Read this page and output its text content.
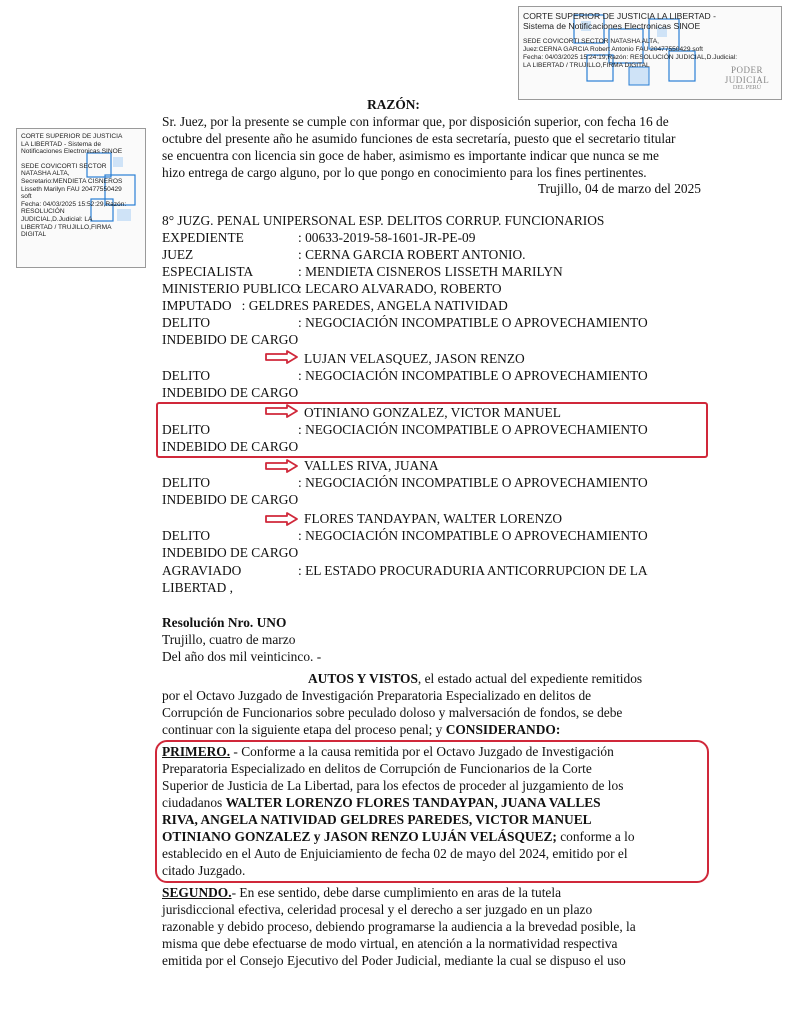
CORTE SUPERIOR DE JUSTICIA LA LIBERTAD -
Sistema de Notificaciones Electronicas SINOE
SEDE COVICORTI SECTOR NATASHA ALTA,
Juez:CERNA GARCIA Robert Antonio FAU 20477550429 soft
Fecha: 04/03/2025 15:24:19,Razón: RESOLUCIÓN JUDICIAL,D.Judicial:
LA LIBERTAD / TRUJILLO,FIRMA DIGITAL	PODER JUDICIAL
DEL PERÚ
CORTE SUPERIOR DE JUSTICIA
LA LIBERTAD - Sistema de
Notificaciones Electronicas SINOE
SEDE COVICORTI SECTOR
NATASHA ALTA,
Secretario:MENDIETA CISNEROS
Lisseth Marilyn FAU 20477550429
soft
Fecha: 04/03/2025 15:52:29,Razón:
RESOLUCIÓN
JUDICIAL,D.Judicial: LA
LIBERTAD / TRUJILLO,FIRMA
DIGITAL
RAZÓN:
Sr. Juez, por la presente se cumple con informar que, por disposición superior, con fecha 16 de
octubre del presente año he asumido funciones de esta secretaría, puesto que el secretario titular
se encuentra con licencia sin goce de haber, asimismo es importante indicar que nunca se me
hizo entrega de cargo alguno, por lo que pongo en conocimiento para los fines pertinentes.
Trujillo, 04 de marzo del 2025
8° JUZG. PENAL UNIPERSONAL ESP. DELITOS CORRUP. FUNCIONARIOS
EXPEDIENTE	: 00633-2019-58-1601-JR-PE-09
JUEZ	: CERNA GARCIA ROBERT ANTONIO.
ESPECIALISTA	: MENDIETA CISNEROS LISSETH MARILYN
MINISTERIO PUBLICO
: LECARO ALVARADO, ROBERTO
IMPUTADO   : GELDRES PAREDES, ANGELA NATIVIDAD
DELITO	: NEGOCIACIÓN INCOMPATIBLE O APROVECHAMIENTO
INDEBIDO DE CARGO
LUJAN VELASQUEZ, JASON RENZO
DELITO	: NEGOCIACIÓN INCOMPATIBLE O APROVECHAMIENTO
INDEBIDO DE CARGO
OTINIANO GONZALEZ, VICTOR MANUEL
DELITO	: NEGOCIACIÓN INCOMPATIBLE O APROVECHAMIENTO
INDEBIDO DE CARGO
VALLES RIVA, JUANA
DELITO	: NEGOCIACIÓN INCOMPATIBLE O APROVECHAMIENTO
INDEBIDO DE CARGO
FLORES TANDAYPAN, WALTER LORENZO
DELITO	: NEGOCIACIÓN INCOMPATIBLE O APROVECHAMIENTO
INDEBIDO DE CARGO
AGRAVIADO	: EL ESTADO PROCURADURIA ANTICORRUPCION DE LA
LIBERTAD ,
Resolución Nro. UNO
Trujillo, cuatro de marzo
Del año dos mil veinticinco. -
AUTOS Y VISTOS, el estado actual del expediente remitidos
por el Octavo Juzgado de Investigación Preparatoria Especializado en delitos de
Corrupción de Funcionarios sobre peculado doloso y malversación de fondos, se debe
continuar con la siguiente etapa del proceso penal; y CONSIDERANDO:
PRIMERO. - Conforme a la causa remitida por el Octavo Juzgado de Investigación
Preparatoria Especializado en delitos de Corrupción de Funcionarios de la Corte
Superior de Justicia de La Libertad, para los efectos de proceder al juzgamiento de los
ciudadanos WALTER LORENZO FLORES TANDAYPAN, JUANA VALLES
RIVA, ANGELA NATIVIDAD GELDRES PAREDES, VICTOR MANUEL
OTINIANO GONZALEZ y JASON RENZO LUJÁN VELÁSQUEZ; conforme a lo
establecido en el Auto de Enjuiciamiento de fecha 02 de mayo del 2024, emitido por el
citado Juzgado.
SEGUNDO.- En ese sentido, debe darse cumplimiento en aras de la tutela
jurisdiccional efectiva, celeridad procesal y el derecho a ser juzgado en un plazo
razonable y debido proceso, debiendo programarse la audiencia a la brevedad posible, la
misma que debe efectuarse de modo virtual, en atención a la normatividad respectiva
emitida por el Consejo Ejecutivo del Poder Judicial, mediante la cual se dispuso el uso
